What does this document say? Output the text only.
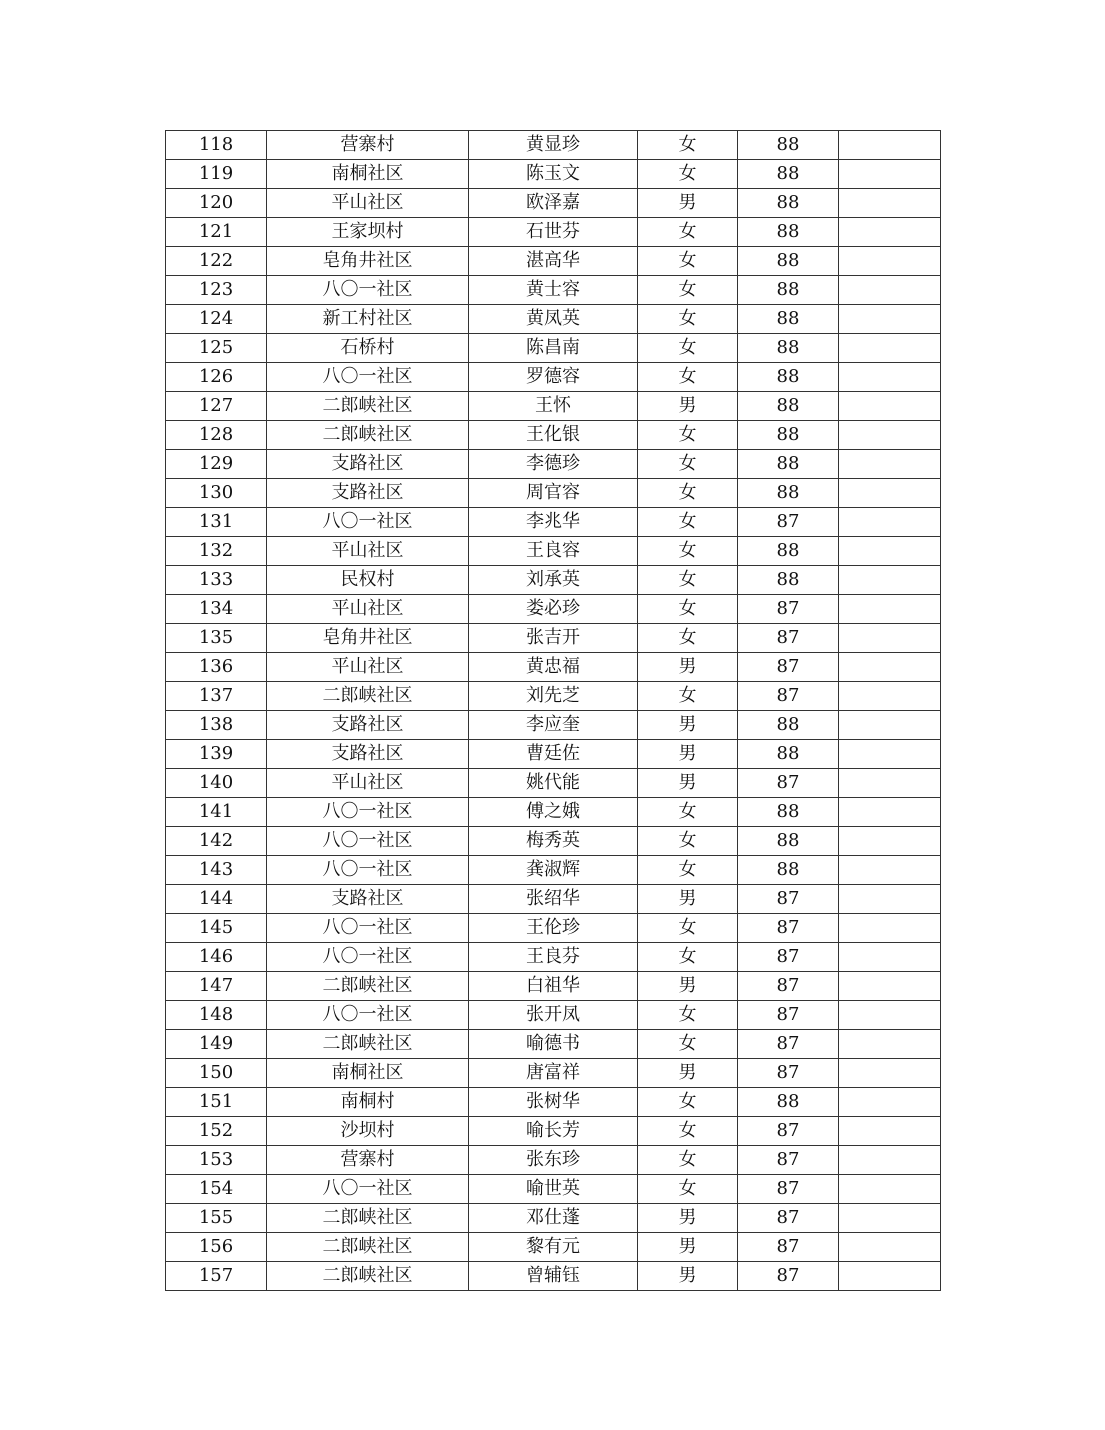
118	营寨村	黄显珍	女	88	
119	南桐社区	陈玉文	女	88	
120	平山社区	欧泽嘉	男	88	
121	王家坝村	石世芬	女	88	
122	皂角井社区	湛高华	女	88	
123	八〇一社区	黄士容	女	88	
124	新工村社区	黄凤英	女	88	
125	石桥村	陈昌南	女	88	
126	八〇一社区	罗德容	女	88	
127	二郎峡社区	王怀	男	88	
128	二郎峡社区	王化银	女	88	
129	支路社区	李德珍	女	88	
130	支路社区	周官容	女	88	
131	八〇一社区	李兆华	女	87	
132	平山社区	王良容	女	88	
133	民权村	刘承英	女	88	
134	平山社区	娄必珍	女	87	
135	皂角井社区	张吉开	女	87	
136	平山社区	黄忠福	男	87	
137	二郎峡社区	刘先芝	女	87	
138	支路社区	李应奎	男	88	
139	支路社区	曹廷佐	男	88	
140	平山社区	姚代能	男	87	
141	八〇一社区	傅之娥	女	88	
142	八〇一社区	梅秀英	女	88	
143	八〇一社区	龚淑辉	女	88	
144	支路社区	张绍华	男	87	
145	八〇一社区	王伦珍	女	87	
146	八〇一社区	王良芬	女	87	
147	二郎峡社区	白祖华	男	87	
148	八〇一社区	张开凤	女	87	
149	二郎峡社区	喻德书	女	87	
150	南桐社区	唐富祥	男	87	
151	南桐村	张树华	女	88	
152	沙坝村	喻长芳	女	87	
153	营寨村	张东珍	女	87	
154	八〇一社区	喻世英	女	87	
155	二郎峡社区	邓仕蓬	男	87	
156	二郎峡社区	黎有元	男	87	
157	二郎峡社区	曾辅钰	男	87	
